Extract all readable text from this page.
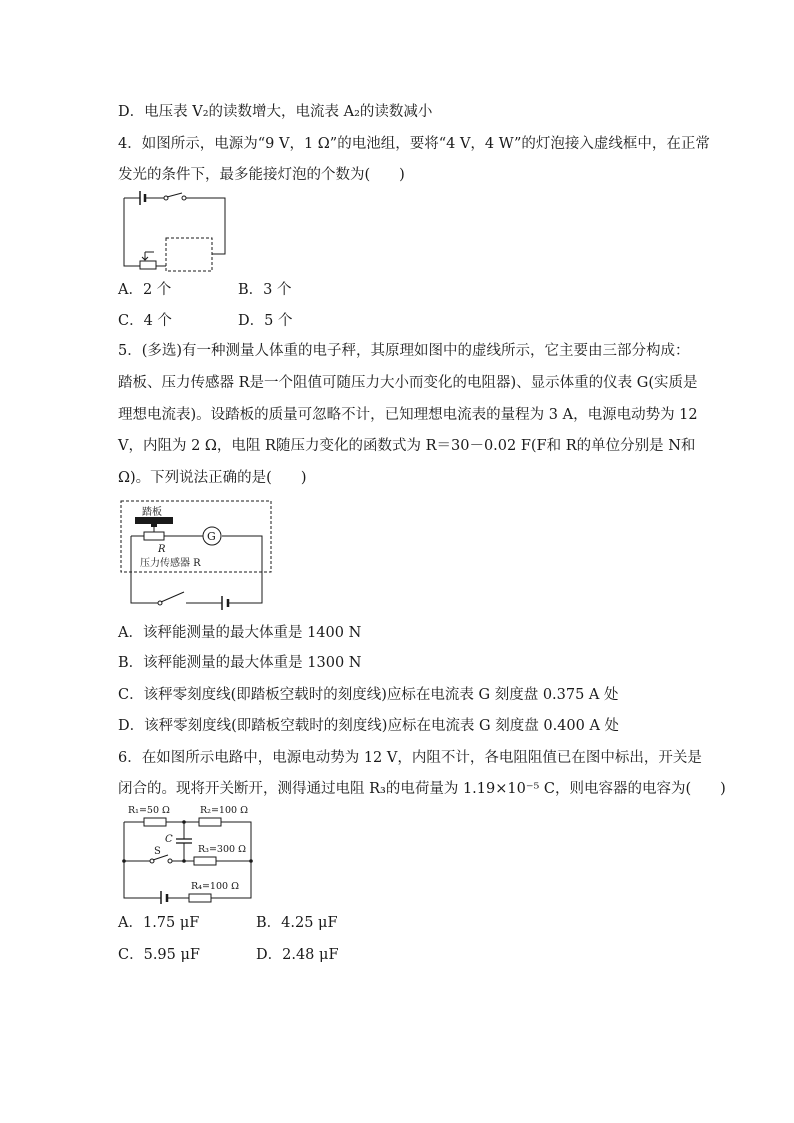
D．电压表 V₂的读数增大，电流表 A₂的读数减小
4．如图所示，电源为“9 V，1 Ω”的电池组，要将“4 V，4 W”的灯泡接入虚线框中，在正常
发光的条件下，最多能接灯泡的个数为(　　)
A．2 个	B．3 个
C．4 个	D．5 个
5．(多选)有一种测量人体重的电子秤，其原理如图中的虚线所示，它主要由三部分构成：
踏板、压力传感器 R是一个阻值可随压力大小而变化的电阻器)、显示体重的仪表 G(实质是
理想电流表)。设踏板的质量可忽略不计，已知理想电流表的量程为 3 A，电源电动势为 12
V，内阻为 2 Ω，电阻 R随压力变化的函数式为 R＝30－0.02 F(F和 R的单位分别是 N和
Ω)。下列说法正确的是(　　)
踏板
G
R
压力传感器 R
A．该秤能测量的最大体重是 1400 N
B．该秤能测量的最大体重是 1300 N
C．该秤零刻度线(即踏板空载时的刻度线)应标在电流表 G 刻度盘 0.375 A 处
D．该秤零刻度线(即踏板空载时的刻度线)应标在电流表 G 刻度盘 0.400 A 处
6．在如图所示电路中，电源电动势为 12 V，内阻不计，各电阻阻值已在图中标出，开关是
闭合的。现将开关断开，测得通过电阻 R₃的电荷量为 1.19×10⁻⁵ C，则电容器的电容为(　　)
R₁=50 Ω	R₂=100 Ω
C
S	R₃=300 Ω
R₄=100 Ω
A．1.75 μF	B．4.25 μF
C．5.95 μF	D．2.48 μF
